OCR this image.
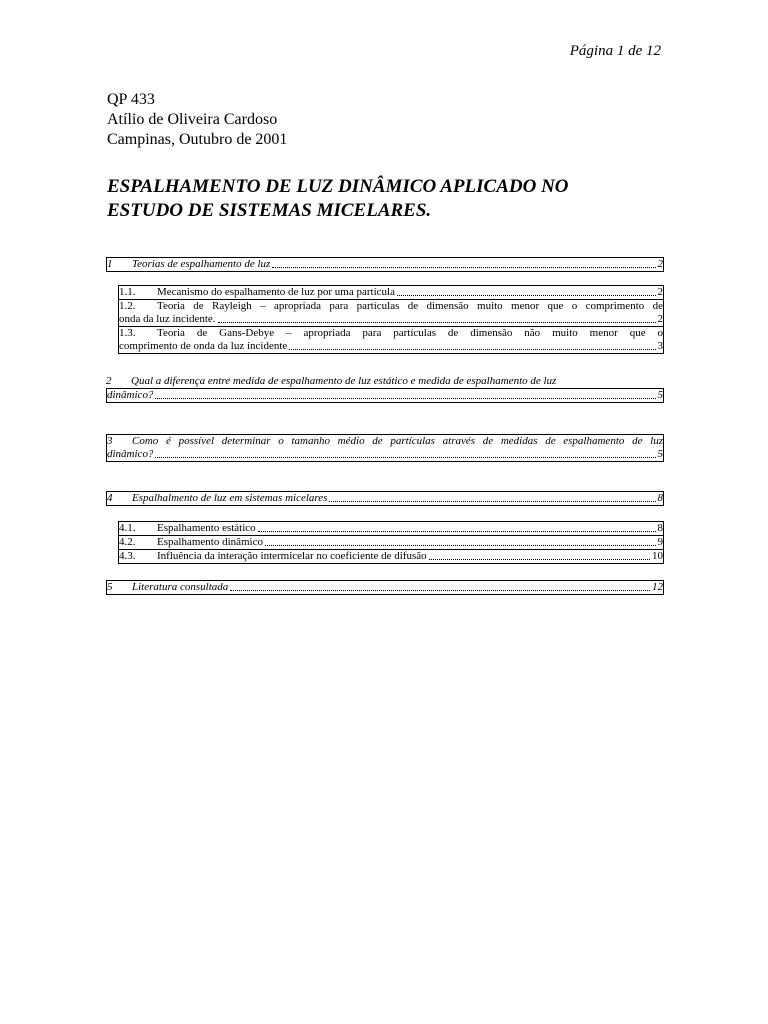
Página 1 de 12
QP 433
Atílio de Oliveira Cardoso
Campinas, Outubro de 2001
ESPALHAMENTO DE LUZ DINÂMICO APLICADO NO
ESTUDO DE SISTEMAS MICELARES.
1	Teorias de espalhamento de luz	2
1.1.	Mecanismo do espalhamento de luz por uma partícula	2
1.2. Teoria de Rayleigh – apropriada para partículas de dimensão muito menor que o comprimento de
onda da luz incidente.	2
1.3. Teoria de Gans-Debye – apropriada para partículas de dimensão não muito menor que o
comprimento de onda da luz incidente	3
2 Qual a diferença entre medida de espalhamento de luz estático e medida de espalhamento de luz
dinâmico?	5
3 Como é possível determinar o tamanho médio de partículas através de medidas de espalhamento de luz
dinâmico?	5
4	Espalhalmento de luz em sistemas micelares	8
4.1.	Espalhamento estático	8
4.2.	Espalhamento dinâmico	9
4.3.	Influência da interação intermicelar no coeficiente de difusão	10
5	Literatura consultada	12
